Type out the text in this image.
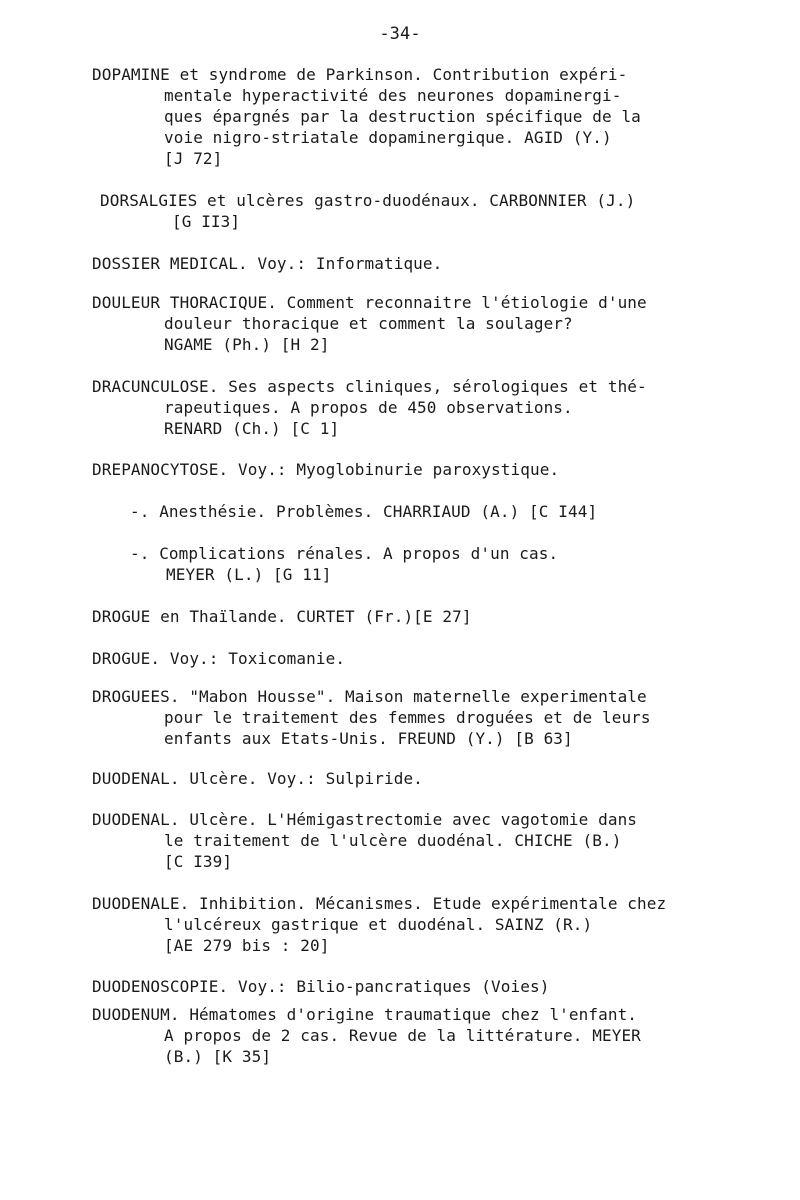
-34-
DOPAMINE et syndrome de Parkinson. Contribution expéri-
mentale hyperactivité des neurones dopaminergi-
ques épargnés par la destruction spécifique de la
voie nigro-striatale dopaminergique. AGID (Y.)
[J 72]
DORSALGIES et ulcères gastro-duodénaux. CARBONNIER (J.)
[G II3]
DOSSIER MEDICAL. Voy.: Informatique.
DOULEUR THORACIQUE. Comment reconnaitre l'étiologie d'une
douleur thoracique et comment la soulager?
NGAME (Ph.) [H 2]
DRACUNCULOSE. Ses aspects cliniques, sérologiques et thé-
rapeutiques. A propos de 450 observations.
RENARD (Ch.) [C 1]
DREPANOCYTOSE. Voy.: Myoglobinurie paroxystique.
-. Anesthésie. Problèmes. CHARRIAUD (A.) [C I44]
-. Complications rénales. A propos d'un cas.
MEYER (L.) [G 11]
DROGUE en Thaïlande. CURTET (Fr.)[E 27]
DROGUE. Voy.: Toxicomanie.
DROGUEES. "Mabon Housse". Maison maternelle experimentale
pour le traitement des femmes droguées et de leurs
enfants aux Etats-Unis. FREUND (Y.) [B 63]
DUODENAL. Ulcère. Voy.: Sulpiride.
DUODENAL. Ulcère. L'Hémigastrectomie avec vagotomie dans
le traitement de l'ulcère duodénal. CHICHE (B.)
[C I39]
DUODENALE. Inhibition. Mécanismes. Etude expérimentale chez
l'ulcéreux gastrique et duodénal. SAINZ (R.)
[AE 279 bis : 20]
DUODENOSCOPIE. Voy.: Bilio-pancratiques (Voies)
DUODENUM. Hématomes d'origine traumatique chez l'enfant.
A propos de 2 cas. Revue de la littérature. MEYER
(B.) [K 35]
